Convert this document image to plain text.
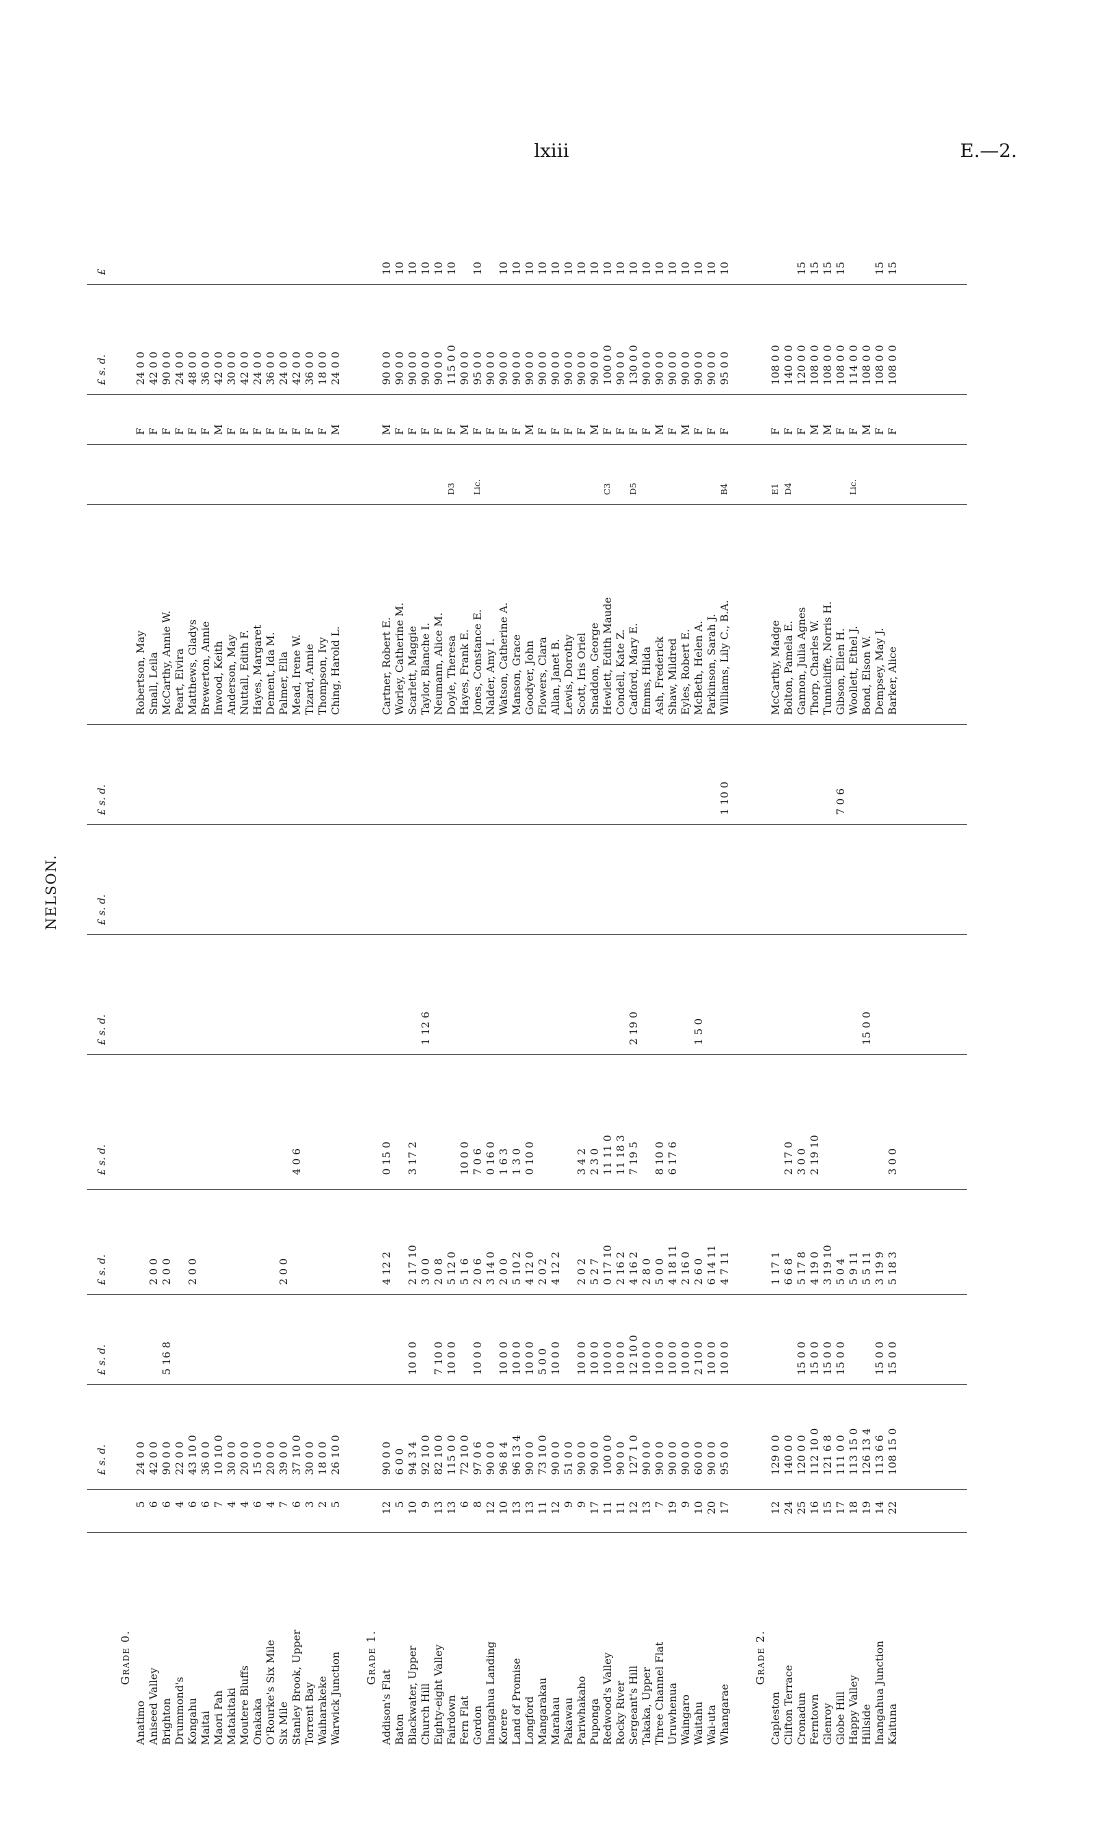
lxiii	E.—2.
NELSON.
£ s. d.
£ s. d.
£ s. d.
£ s. d.
£ s. d.
£ s. d.
£ s. d.
£ s. d.
£
Grade 0.
Anatimo
5
24 0 0
Robertson, May
F
24 0 0
Aniseed Valley
6
42 0 0
2 0 0
Small, Leila
F
42 0 0
Brighton
6
90 0 0
5 16 8
2 0 0
McCarthy, Annie W.
F
90 0 0
Drummond's
4
22 0 0
Peart, Elvira
F
24 0 0
Kongahu
6
43 10 0
2 0 0
Matthews, Gladys
F
48 0 0
Maitai
6
36 0 0
Brewerton, Annie
F
36 0 0
Maori Pah
7
10 10 0
Inwood, Keith
M
42 0 0
Matakitaki
4
30 0 0
Anderson, May
F
30 0 0
Moutere Bluffs
4
20 0 0
Nuttall, Edith F.
F
42 0 0
Onakaka
6
15 0 0
Hayes, Margaret
F
24 0 0
O'Rourke's Six Mile
4
20 0 0
Dement, Ida M.
F
36 0 0
Six Mile
7
39 0 0
2 0 0
Palmer, Ella
F
24 0 0
Stanley Brook, Upper
6
37 10 0
4 0 6
Mead, Irene W.
F
42 0 0
Torrent Bay
3
30 0 0
Tizard, Annie
F
36 0 0
Waiharakeke
2
18 0 0
Thompson, Ivy
F
18 0 0
Warwick Junction
5
26 10 0
Ching, Harold L.
M
24 0 0
Grade 1.
Addison's Flat
12
90 0 0
4 12 2
0 15 0
Cartner, Robert E.
M
90 0 0
10
Baton
5
6 0 0
Worley, Catherine M.
F
90 0 0
10
Blackwater, Upper
10
94 3 4
10 0 0
2 17 10
3 17 2
Scarlett, Maggie
F
90 0 0
10
Church Hill
9
92 10 0
3 0 0
1 12 6
Taylor, Blanche I.
F
90 0 0
10
Eighty-eight Valley
13
82 10 0
7 10 0
2 0 8
Neumann, Alice M.
F
90 0 0
10
Fairdown
13
115 0 0
10 0 0
5 12 0
Doyle, Theresa
D3
F
115 0 0
10
Fern Flat
6
72 10 0
5 1 6
10 0 0
Hayes, Frank E.
M
90 0 0
Gordon
8
97 0 6
10 0 0
2 0 6
7 0 6
Jones, Constance E.
Lic.
F
95 0 0
10
Inangahua Landing
12
90 0 0
3 14 0
0 16 0
Nalder, Amy I.
F
90 0 0
Korere
10
96 8 4
10 0 0
2 0 0
1 6 3
Watson, Catherine A.
F
90 0 0
10
Land of Promise
13
96 13 4
10 0 0
5 10 2
1 3 0
Manson, Grace
F
90 0 0
10
Longford
13
90 0 0
10 0 0
4 12 0
0 10 0
Goodyer, John
M
90 0 0
10
Mangarakau
11
73 10 0
5 0 0
2 0 2
Flowers, Clara
F
90 0 0
10
Marahau
12
90 0 0
10 0 0
4 12 2
Allan, Janet B.
F
90 0 0
10
Pakawau
9
51 0 0
Lewis, Dorothy
F
90 0 0
10
Pariwhakaho
9
90 0 0
10 0 0
2 0 2
3 4 2
Scott, Iris Oriel
F
90 0 0
10
Puponga
17
90 0 0
10 0 0
5 2 7
2 3 0
Snaddon, George
M
90 0 0
10
Redwood's Valley
11
100 0 0
10 0 0
0 17 10
11 11 0
Hewlett, Edith Maude
C3
F
100 0 0
10
Rocky River
11
90 0 0
10 0 0
2 16 2
11 18 3
Condell, Kate Z.
F
90 0 0
10
Sergeant's Hill
12
127 1 0
12 10 0
4 16 2
7 19 5
2 19 0
Cadford, Mary E.
D5
F
130 0 0
10
Takaka, Upper
13
90 0 0
10 0 0
2 8 0
Emms, Hilda
F
90 0 0
10
Three Channel Flat
7
90 0 0
10 0 0
5 0 0
8 10 0
Ash, Frederick
M
90 0 0
10
Uruwhenua
19
90 0 0
10 0 0
4 18 11
6 17 6
Shaw, Mildred
F
90 0 0
10
Waingaro
9
90 0 0
10 0 0
2 16 0
Eyles, Robert E.
M
90 0 0
10
Waitahu
10
60 0 0
2 10 0
2 6 0
1 5 0
McBeth, Helen A.
F
90 0 0
10
Wai-uta
20
90 0 0
10 0 0
6 14 11
Parkinson, Sarah J.
F
90 0 0
10
Whangarae
17
95 0 0
10 0 0
4 7 11
1 10 0
Williams, Lily C., B.A.
B4
F
95 0 0
10
Grade 2.
Capleston
12
129 0 0
1 17 1
McCarthy, Madge
E1
F
108 0 0
Clifton Terrace
24
140 0 0
6 6 8
2 17 0
Bolton, Pamela E.
D4
F
140 0 0
Cronadun
25
120 0 0
15 0 0
5 17 8
3 0 0
Gannon, Julia Agnes
F
120 0 0
15
Ferntown
16
112 10 0
15 0 0
4 19 0
2 19 10
Thorp, Charles W.
M
108 0 0
15
Glenroy
15
121 6 8
15 0 0
3 19 10
Tunnicliffe, Norris H.
M
108 0 0
15
Globe Hill
17
111 0 0
15 0 0
5 0 4
7 0 6
Gibson, Ellen H.
F
108 0 0
15
Happy Valley
18
113 15 0
5 9 11
Woollett, Ethel J.
Lic.
F
114 0 0
Hillside
19
126 13 4
5 5 11
15 0 0
Bond, Elson W.
M
108 0 0
Inangahua Junction
14
113 6 6
15 0 0
3 19 9
Dempsey, May J.
F
108 0 0
15
Kaituna
22
108 15 0
15 0 0
5 18 3
3 0 0
Barker, Alice
F
108 0 0
15
